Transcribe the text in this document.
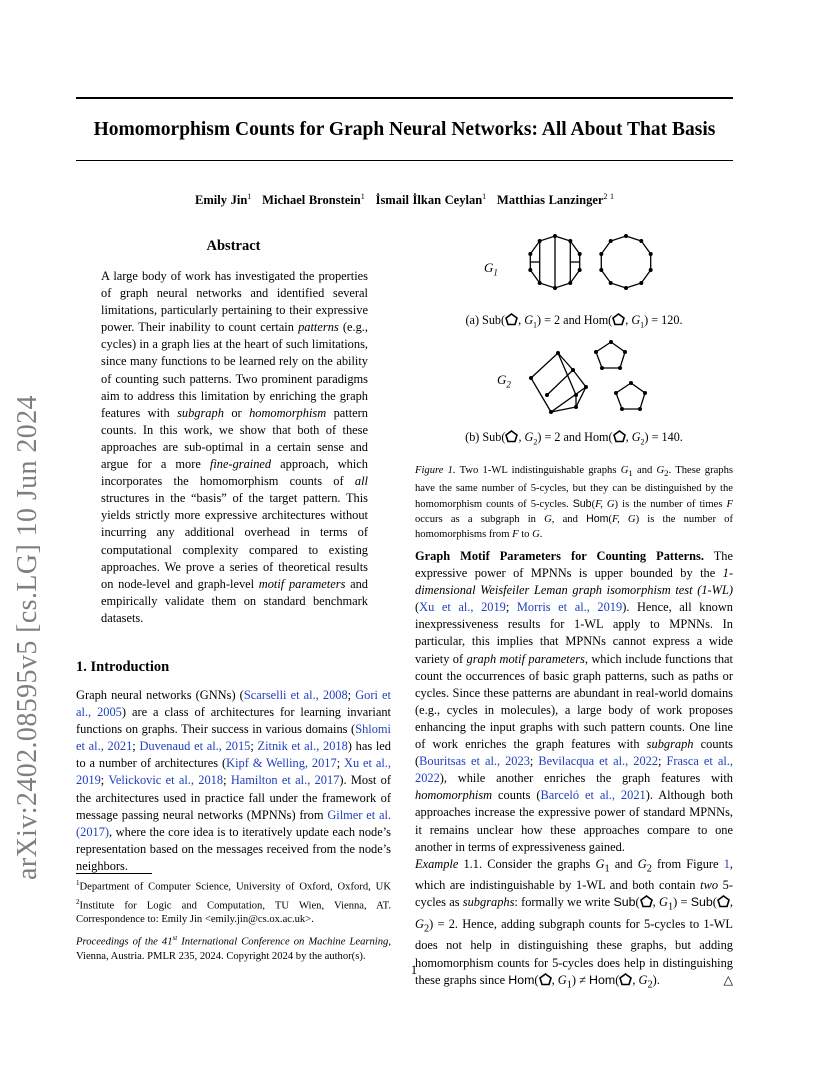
arXiv:2402.08595v5 [cs.LG] 10 Jun 2024
Homomorphism Counts for Graph Neural Networks: All About That Basis
Emily Jin$^1$ Michael Bronstein$^1$ İsmail İlkan Ceylan$^1$ Matthias Lanzinger$^{2 1}$
Abstract
A large body of work has investigated the properties of graph neural networks and identified several limitations, particularly pertaining to their expressive power. Their inability to count certain patterns (e.g., cycles) in a graph lies at the heart of such limitations, since many functions to be learned rely on the ability of counting such patterns. Two prominent paradigms aim to address this limitation by enriching the graph features with subgraph or homomorphism pattern counts. In this work, we show that both of these approaches are sub-optimal in a certain sense and argue for a more fine-grained approach, which incorporates the homomorphism counts of all structures in the “basis” of the target pattern. This yields strictly more expressive architectures without incurring any additional overhead in terms of computational complexity compared to existing approaches. We prove a series of theoretical results on node-level and graph-level motif parameters and empirically validate them on standard benchmark datasets.
1. Introduction
Graph neural networks (GNNs) (Scarselli et al., 2008; Gori et al., 2005) are a class of architectures for learning invariant functions on graphs. Their success in various domains (Shlomi et al., 2021; Duvenaud et al., 2015; Zitnik et al., 2018) has led to a number of architectures (Kipf & Welling, 2017; Xu et al., 2019; Velickovic et al., 2018; Hamilton et al., 2017). Most of the architectures used in practice fall under the framework of message passing neural networks (MPNNs) from Gilmer et al. (2017), where the core idea is to iteratively update each node’s representation based on the messages received from the node’s neighbors.
$^1$Department of Computer Science, University of Oxford, Oxford, UK $^2$Institute for Logic and Computation, TU Wien, Vienna, AT. Correspondence to: Emily Jin <emily.jin@cs.ox.ac.uk>.
Proceedings of the 41st International Conference on Machine Learning, Vienna, Austria. PMLR 235, 2024. Copyright 2024 by the author(s).
$G_1$
(a) Sub( , $G_1) = 2$ and Hom( , $G_1) = 120$.
$G_2$
(b) Sub( , $G_2) = 2$ and Hom( , $G_2) = 140$.
Figure 1. Two 1-WL indistinguishable graphs $G_1$ and $G_2$. These graphs have the same number of 5-cycles, but they can be distinguished by the homomorphism counts of 5-cycles. Sub(F, G) is the number of times F occurs as a subgraph in G, and Hom(F, G) is the number of homomorphisms from F to G.
Graph Motif Parameters for Counting Patterns. The expressive power of MPNNs is upper bounded by the 1-dimensional Weisfeiler Leman graph isomorphism test (1-WL) (Xu et al., 2019; Morris et al., 2019). Hence, all known inexpressiveness results for 1-WL apply to MPNNs. In particular, this implies that MPNNs cannot express a wide variety of graph motif parameters, which include functions that count the occurrences of basic graph patterns, such as paths or cycles. Since these patterns are abundant in real-world domains (e.g., cycles in molecules), a large body of work proposes enhancing the input graphs with such pattern counts. One line of work enriches the graph features with subgraph counts (Bouritsas et al., 2023; Bevilacqua et al., 2022; Frasca et al., 2022), while another enriches the graph features with homomorphism counts (Barceló et al., 2021). Although both approaches increase the expressive power of standard MPNNs, it remains unclear how these approaches compare to one another in terms of expressiveness gained.
Example 1.1. Consider the graphs $G_1$ and $G_2$ from Figure 1, which are indistinguishable by 1-WL and both contain two 5-cycles as subgraphs: formally we write Sub( , $G_1) = Sub$( , $G_2) = 2$. Hence, adding subgraph counts for 5-cycles to 1-WL does not help in distinguishing these graphs, but adding homomorphism counts for 5-cycles does help in distinguishing these graphs since Hom( , $G_1) \ne Hom$( , $G_2$).	△
1
